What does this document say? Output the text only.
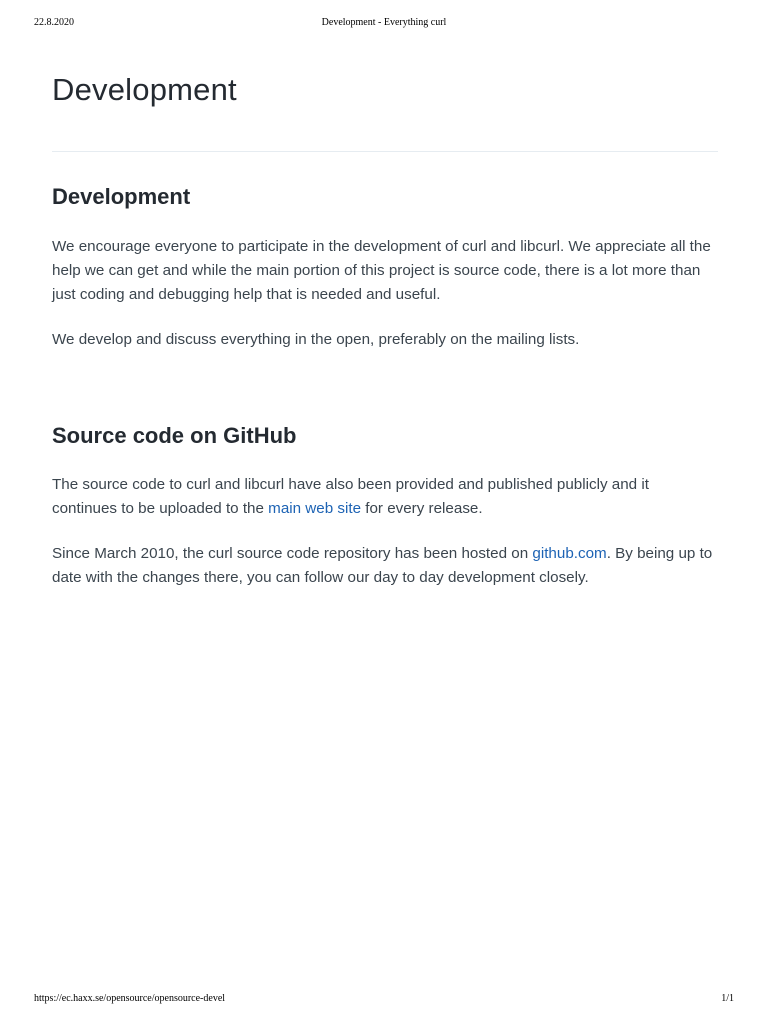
22.8.2020	Development - Everything curl
Development
Development

We encourage everyone to participate in the development of curl and libcurl. We appreciate all the help we can get and while the main portion of this project is source code, there is a lot more than just coding and debugging help that is needed and useful.

We develop and discuss everything in the open, preferably on the mailing lists.

Source code on GitHub

The source code to curl and libcurl have also been provided and published publicly and it continues to be uploaded to the main web site for every release.

Since March 2010, the curl source code repository has been hosted on github.com. By being up to date with the changes there, you can follow our day to day development closely.

https://ec.haxx.se/opensource/opensource-devel	1/1
